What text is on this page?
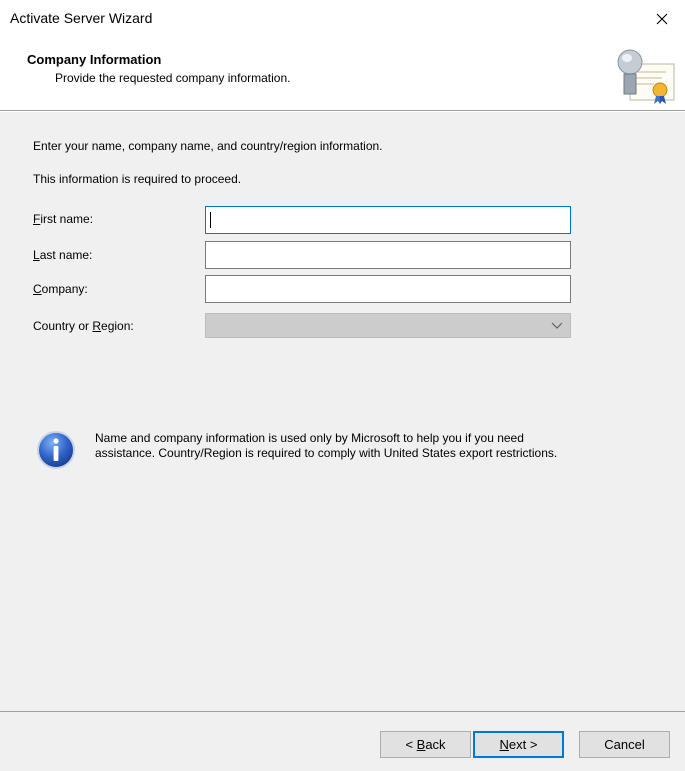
Activate Server Wizard
Company Information
Provide the requested company information.
Enter your name, company name, and country/region information.
This information is required to proceed.
First name:
Last name:
Company:
Country or Region:
Name and company information is used only by Microsoft to help you if you need
assistance. Country/Region is required to comply with United States export restrictions.
< Back	Next >	Cancel
